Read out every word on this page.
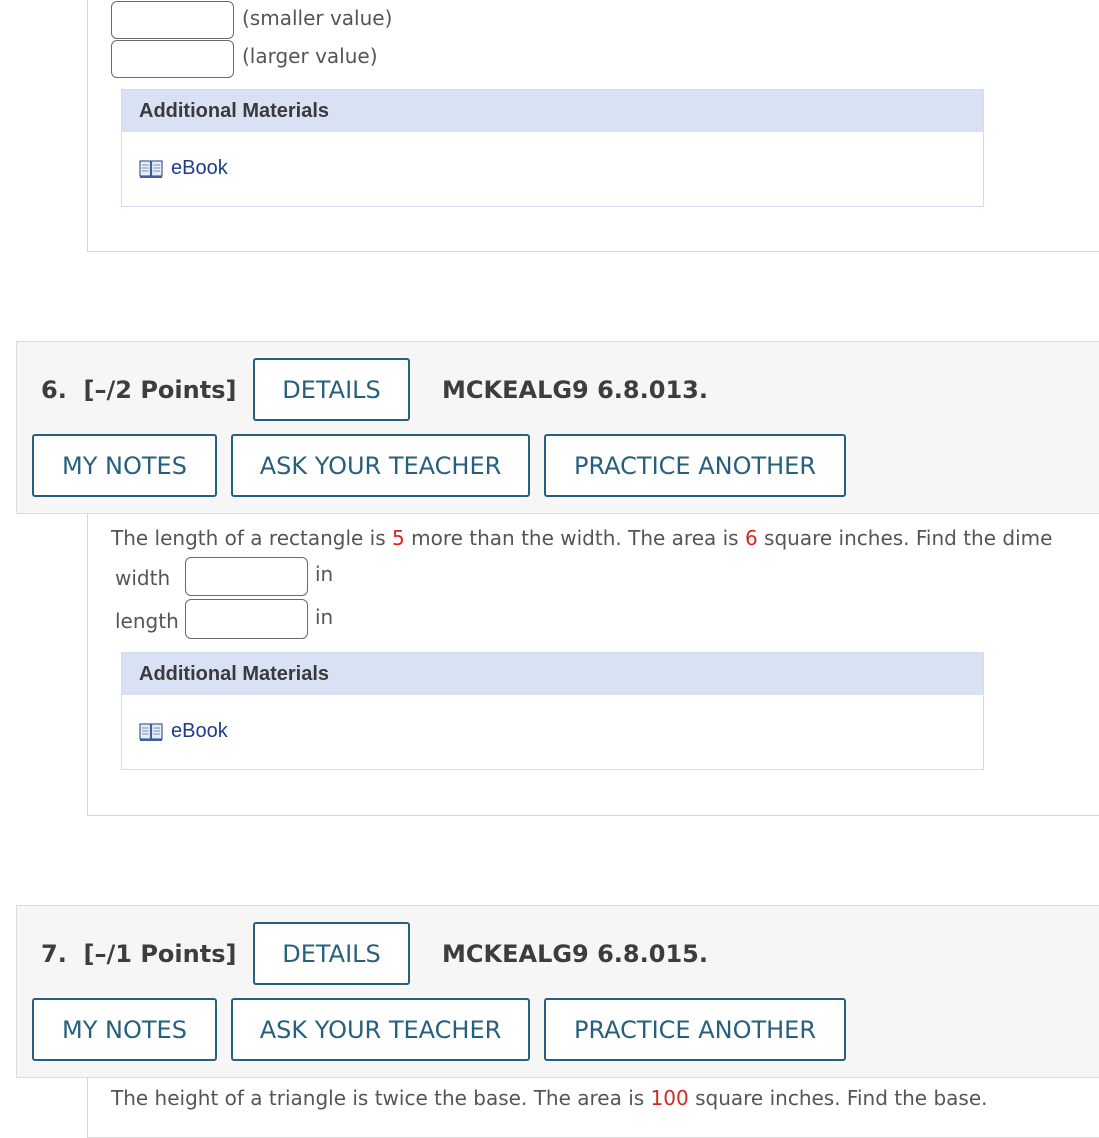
(smaller value)
(larger value)
Additional Materials
eBook
6. [–/2 Points] DETAILS	MCKEALG9 6.8.013.
MY NOTES	ASK YOUR TEACHER	PRACTICE ANOTHER
The length of a rectangle is 5 more than the width. The area is 6 square inches. Find the dime
width	in
length	in
Additional Materials
eBook
7. [–/1 Points] DETAILS	MCKEALG9 6.8.015.
MY NOTES	ASK YOUR TEACHER	PRACTICE ANOTHER
The height of a triangle is twice the base. The area is 100 square inches. Find the base.
